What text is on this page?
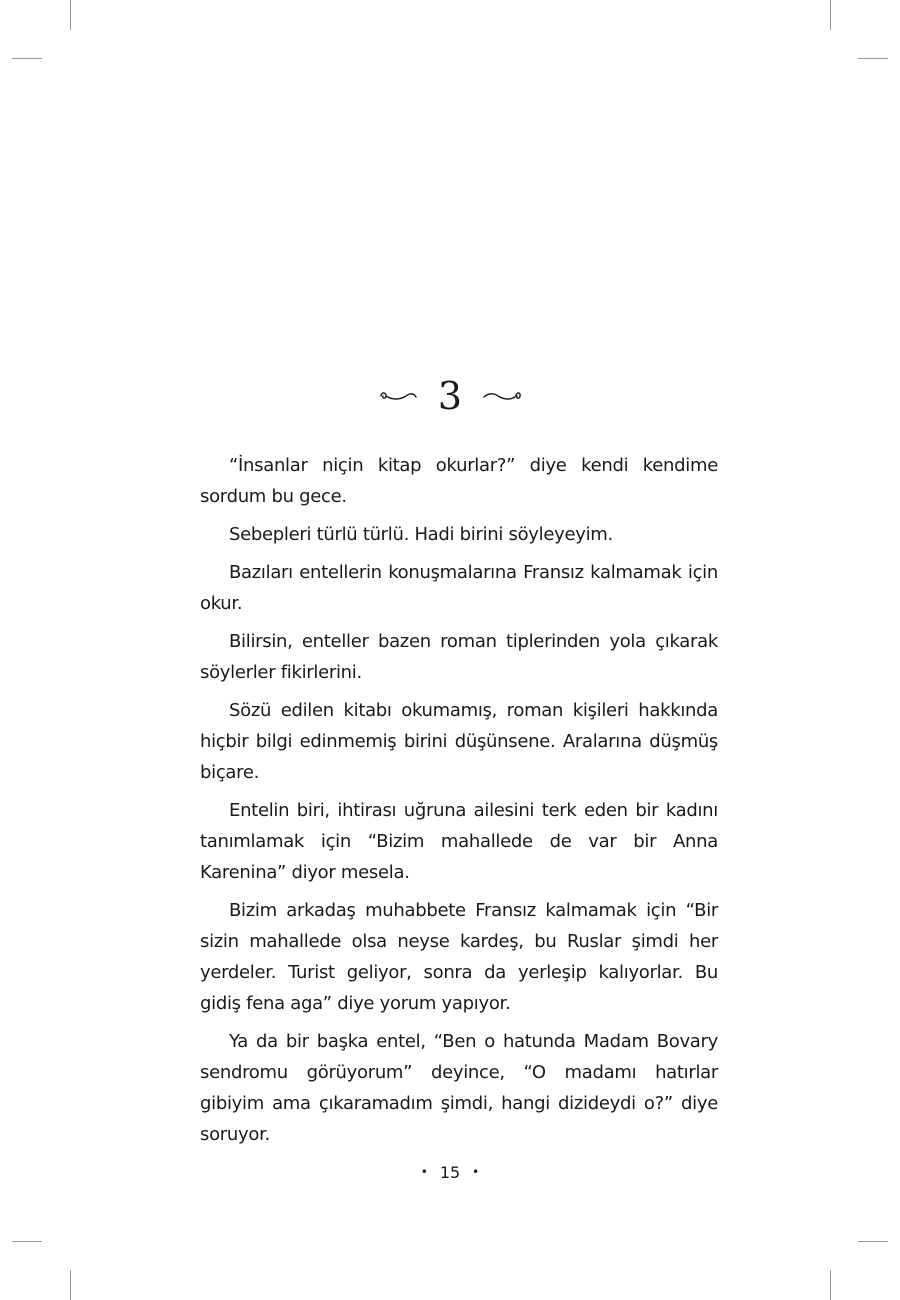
3

“İnsanlar niçin kitap okurlar?” diye kendi kendime sordum bu gece.

Sebepleri türlü türlü. Hadi birini söyleyeyim.

Bazıları entellerin konuşmalarına Fransız kalmamak için okur.

Bilirsin, enteller bazen roman tiplerinden yola çıkarak söylerler fikirlerini.

Sözü edilen kitabı okumamış, roman kişileri hakkında hiçbir bilgi edinmemiş birini düşünsene. Aralarına düşmüş biçare.

Entelin biri, ihtirası uğruna ailesini terk eden bir kadını tanımlamak için “Bizim mahallede de var bir Anna Karenina” diyor mesela.

Bizim arkadaş muhabbete Fransız kalmamak için “Bir sizin mahallede olsa neyse kardeş, bu Ruslar şimdi her yerdeler. Turist geliyor, sonra da yerleşip kalıyorlar. Bu gidiş fena aga” diye yorum yapıyor.

Ya da bir başka entel, “Ben o hatunda Madam Bovary sendromu görüyorum” deyince, “O madamı hatırlar gibiyim ama çıkaramadım şimdi, hangi dizideydi o?” diye soruyor.

• 15 •
